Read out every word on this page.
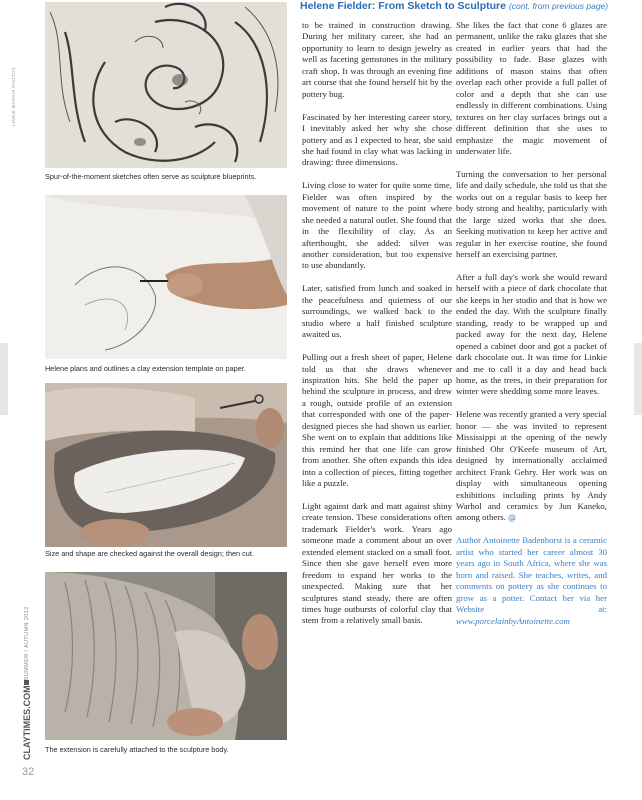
LINKIE MARAIS PHOTOS
CLAYTIMES.COMSUMMER / AUTUMN 2012
32
Spur-of-the-moment sketches often serve as sculpture blueprints.
Helene plans and outlines a clay extension template on paper.
Size and shape are checked against the overall design; then cut.
The extension is carefully attached to the sculpture body.
Helene Fielder: From Sketch to Sculpture (cont. from previous page)

to be trained in construction drawing. During her military career, she had an opportunity to learn to design jewelry as well as faceting gemstones in the military craft shop. It was through an evening fine art course that she found herself bit by the pottery bug.

Fascinated by her interesting career story, I inevitably asked her why she chose pottery and as I expected to hear, she said she had found in clay what was lacking in drawing: three dimensions.

Living close to water for quite some time, Fielder was often inspired by the movement of nature to the point where she needed a natural outlet. She found that in the flexibility of clay. As an afterthought, she added: silver was another consideration, but too expensive to use abundantly.

Later, satisfied from lunch and soaked in the peacefulness and quietness of our surroundings, we walked back to the studio where a half finished sculpture awaited us.

Pulling out a fresh sheet of paper, Helene told us that she draws whenever inspiration hits. She held the paper up behind the sculpture in process, and drew a rough, outside profile of an extension that corresponded with one of the paper-designed pieces she had shown us earlier. She went on to explain that additions like this remind her that one life can grow from another. She often expands this idea into a collection of pieces, fitting together like a puzzle.

Light against dark and matt against shiny create tension. These considerations often trademark Fielder's work. Years ago someone made a comment about an over extended element stacked on a small foot. Since then she gave herself even more freedom to expand her works to the unexpected. Making sure that her sculptures stand steady, there are often times huge outbursts of colorful clay that stem from a relatively small basis.

She likes the fact that cone 6 glazes are permanent, unlike the raku glazes that she created in earlier years that had the possibility to fade. Base glazes with additions of mason stains that often overlap each other provide a full pallet of color and a depth that she can use endlessly in different combinations. Using textures on her clay surfaces brings out a different definition that she uses to emphasize the magic movement of underwater life.

Turning the conversation to her personal life and daily schedule, she told us that she works out on a regular basis to keep her body strong and healthy, particularly with the large sized works that she does. Seeking motivation to keep her active and regular in her exercise routine, she found herself an exercising partner.

After a full day's work she would reward herself with a piece of dark chocolate that she keeps in her studio and that is how we ended the day. With the sculpture finally standing, ready to be wrapped up and packed away for the next day, Helene opened a cabinet door and got a packet of dark chocolate out. It was time for Linkie and me to call it a day and head back home, as the trees, in their preparation for winter were shedding some more leaves.

Helene was recently granted a very special honor — she was invited to represent Mississippi at the opening of the newly finished Ohr O'Keefe museum of Art, designed by internationally acclaimed architect Frank Gehry. Her work was on display with simultaneous opening exhibitions including prints by Andy Warhol and ceramics by Jun Kaneko, among others. @

Author Antoinette Badenhorst is a ceramic artist who started her career almost 30 years ago in South Africa, where she was born and raised. She teaches, writes, and comments on pottery as she continues to grow as a potter. Contact her via her Website at: www.porcelainbyAntoinette.com
